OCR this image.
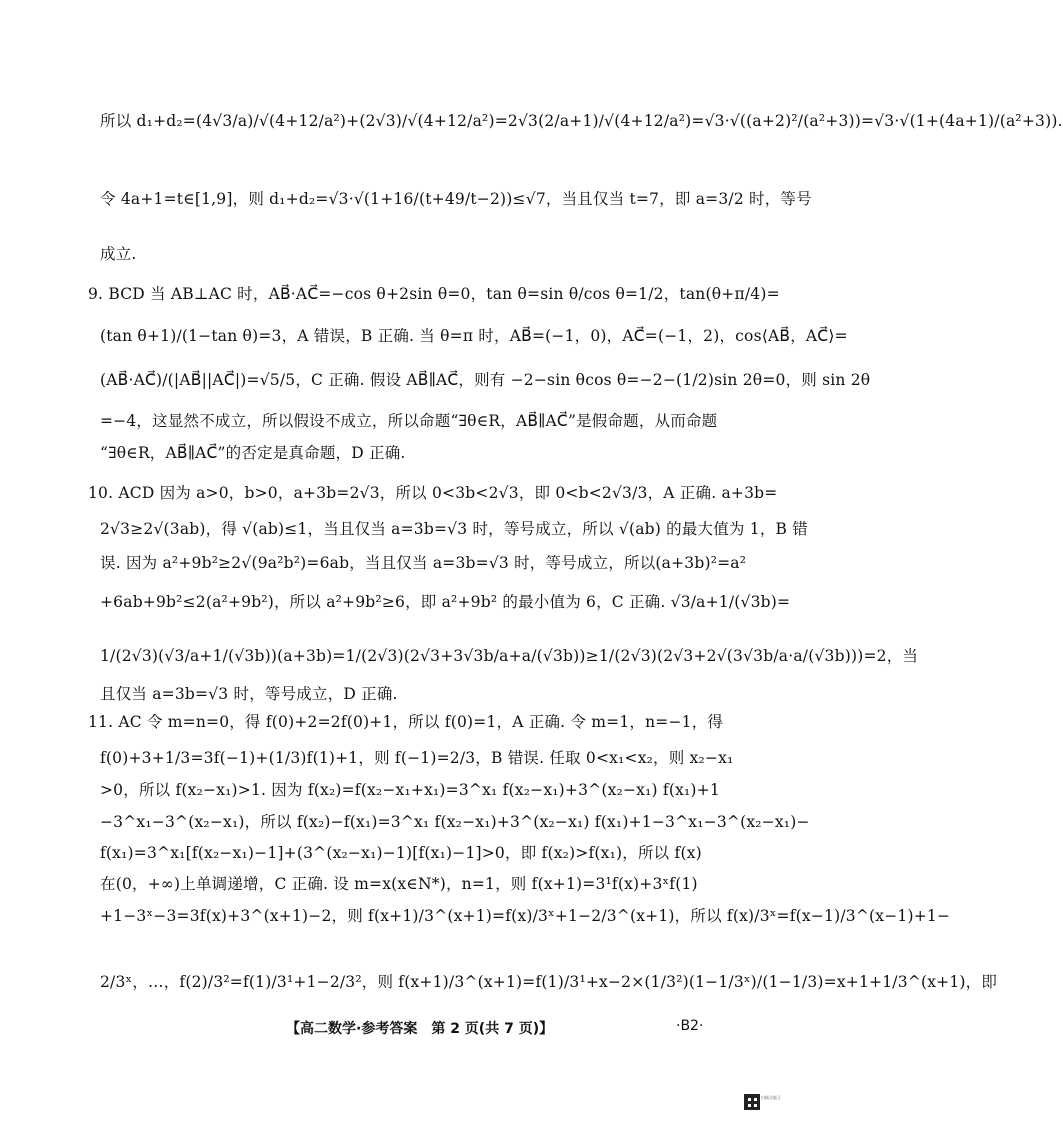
所以 d₁+d₂=(4√3/a)/√(4+12/a²)+(2√3)/√(4+12/a²)=2√3(2/a+1)/√(4+12/a²)=√3·√((a+2)²/(a²+3))=√3·√(1+(4a+1)/(a²+3)).
令 4a+1=t∈[1,9]，则 d₁+d₂=√3·√(1+16/(t+49/t−2))≤√7，当且仅当 t=7，即 a=3/2 时，等号
成立.
9. BCD 当 AB⊥AC 时，AB⃗·AC⃗=−cos θ+2sin θ=0，tan θ=sin θ/cos θ=1/2，tan(θ+π/4)=
(tan θ+1)/(1−tan θ)=3，A 错误，B 正确. 当 θ=π 时，AB⃗=(−1，0)，AC⃗=(−1，2)，cos⟨AB⃗，AC⃗⟩=
(AB⃗·AC⃗)/(|AB⃗||AC⃗|)=√5/5，C 正确. 假设 AB⃗∥AC⃗，则有 −2−sin θcos θ=−2−(1/2)sin 2θ=0，则 sin 2θ
=−4，这显然不成立，所以假设不成立，所以命题“∃θ∈R，AB⃗∥AC⃗”是假命题，从而命题
“∃θ∈R，AB⃗∥AC⃗”的否定是真命题，D 正确.
10. ACD 因为 a>0，b>0，a+3b=2√3，所以 0<3b<2√3，即 0<b<2√3/3，A 正确. a+3b=
2√3≥2√(3ab)，得 √(ab)≤1，当且仅当 a=3b=√3 时，等号成立，所以 √(ab) 的最大值为 1，B 错
误. 因为 a²+9b²≥2√(9a²b²)=6ab，当且仅当 a=3b=√3 时，等号成立，所以(a+3b)²=a²
+6ab+9b²≤2(a²+9b²)，所以 a²+9b²≥6，即 a²+9b² 的最小值为 6，C 正确. √3/a+1/(√3b)=
1/(2√3)(√3/a+1/(√3b))(a+3b)=1/(2√3)(2√3+3√3b/a+a/(√3b))≥1/(2√3)(2√3+2√(3√3b/a·a/(√3b)))=2，当
且仅当 a=3b=√3 时，等号成立，D 正确.
11. AC 令 m=n=0，得 f(0)+2=2f(0)+1，所以 f(0)=1，A 正确. 令 m=1，n=−1，得
f(0)+3+1/3=3f(−1)+(1/3)f(1)+1，则 f(−1)=2/3，B 错误. 任取 0<x₁<x₂，则 x₂−x₁
>0，所以 f(x₂−x₁)>1. 因为 f(x₂)=f(x₂−x₁+x₁)=3^x₁ f(x₂−x₁)+3^(x₂−x₁) f(x₁)+1
−3^x₁−3^(x₂−x₁)，所以 f(x₂)−f(x₁)=3^x₁ f(x₂−x₁)+3^(x₂−x₁) f(x₁)+1−3^x₁−3^(x₂−x₁)−
f(x₁)=3^x₁[f(x₂−x₁)−1]+(3^(x₂−x₁)−1)[f(x₁)−1]>0，即 f(x₂)>f(x₁)，所以 f(x)
在(0，+∞)上单调递增，C 正确. 设 m=x(x∈N*)，n=1，则 f(x+1)=3¹f(x)+3ˣf(1)
+1−3ˣ−3=3f(x)+3^(x+1)−2，则 f(x+1)/3^(x+1)=f(x)/3ˣ+1−2/3^(x+1)，所以 f(x)/3ˣ=f(x−1)/3^(x−1)+1−
2/3ˣ，…，f(2)/3²=f(1)/3¹+1−2/3²，则 f(x+1)/3^(x+1)=f(1)/3¹+x−2×(1/3²)(1−1/3ˣ)/(1−1/3)=x+1+1/3^(x+1)，即
【高二数学·参考答案　第 2 页(共 7 页)】	·B2·
扫描全能王
